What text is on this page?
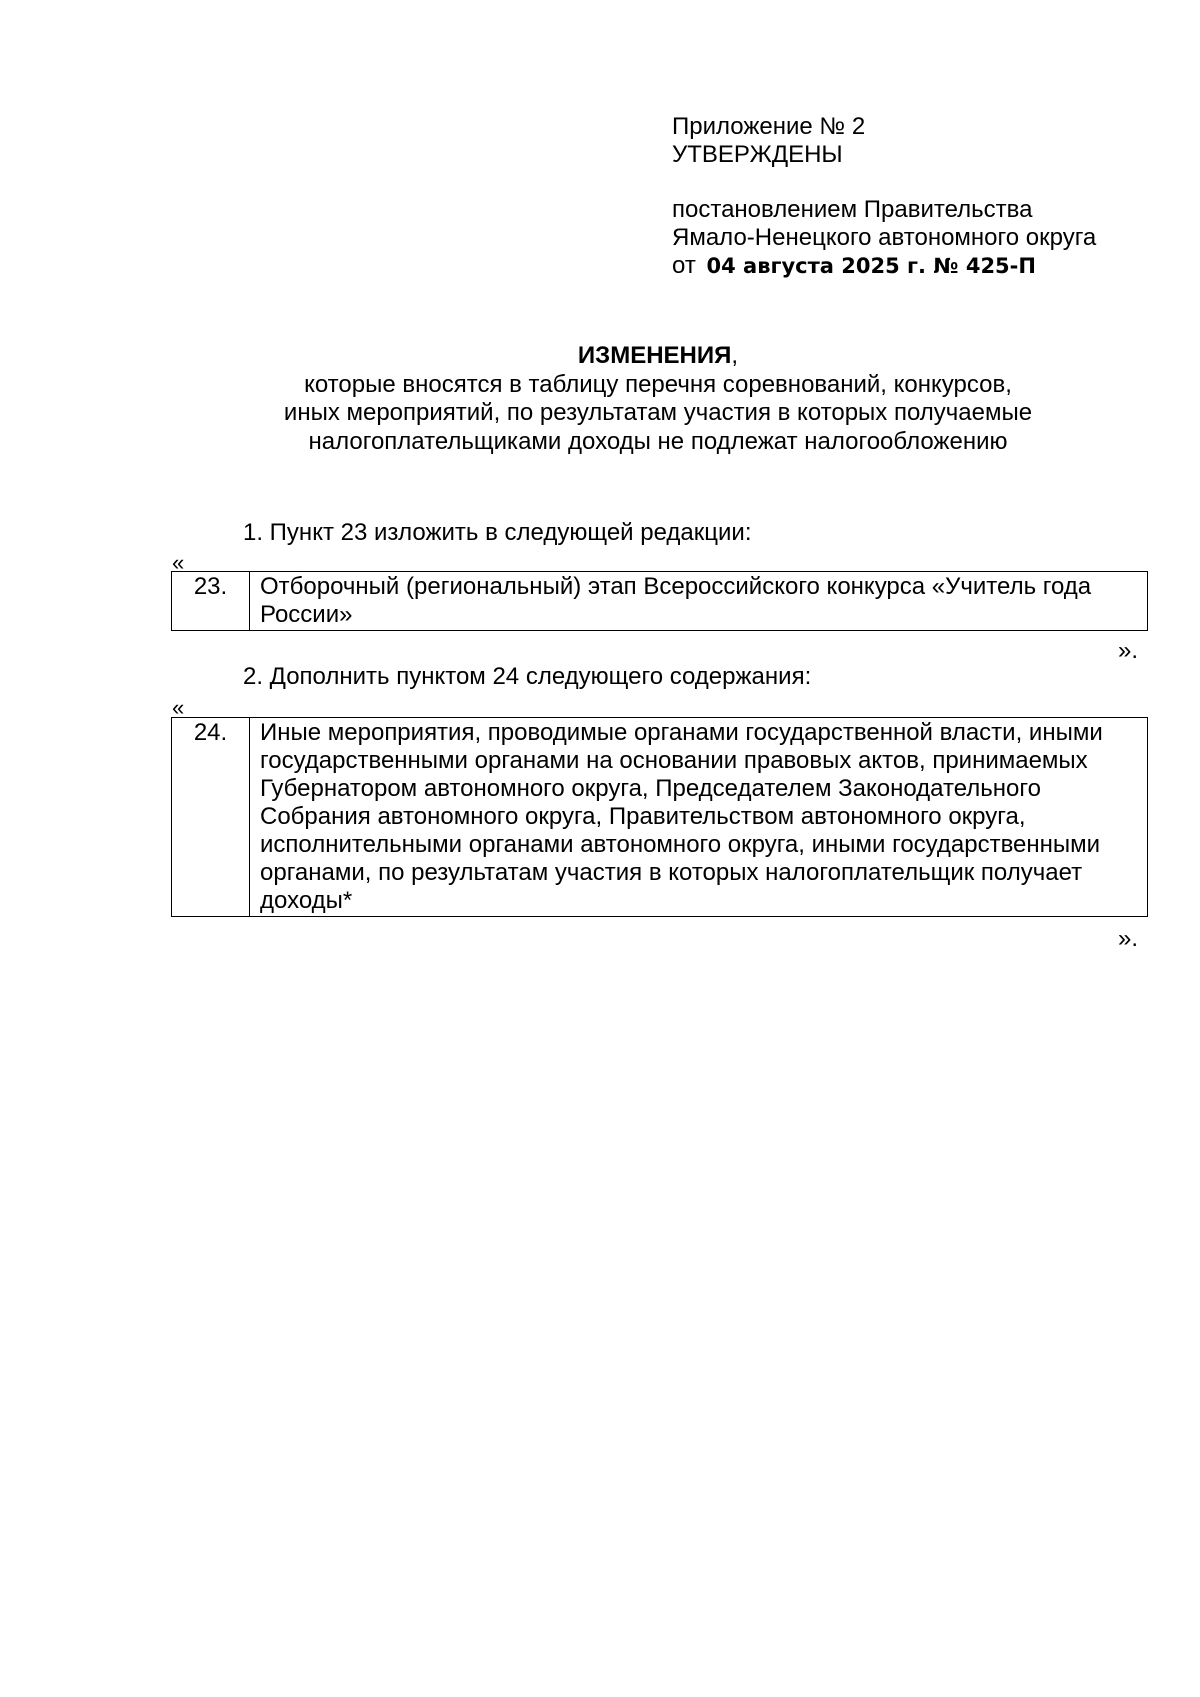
Приложение № 2
УТВЕРЖДЕНЫ
постановлением Правительства
Ямало-Ненецкого автономного округа
от 04 августа 2025 г. № 425-П
ИЗМЕНЕНИЯ,
которые вносятся в таблицу перечня соревнований, конкурсов,
иных мероприятий, по результатам участия в которых получаемые
налогоплательщиками доходы не подлежат налогообложению
1. Пункт 23 изложить в следующей редакции:
«
23.	Отборочный (региональный) этап Всероссийского конкурса «Учитель года России»
».
2. Дополнить пунктом 24 следующего содержания:
«
24.	Иные мероприятия, проводимые органами государственной власти, иными государственными органами на основании правовых актов, принимаемых Губернатором автономного округа, Председателем Законодательного Собрания автономного округа, Правительством автономного округа, исполнительными органами автономного округа, иными государственными органами, по результатам участия в которых налогоплательщик получает доходы*
».
